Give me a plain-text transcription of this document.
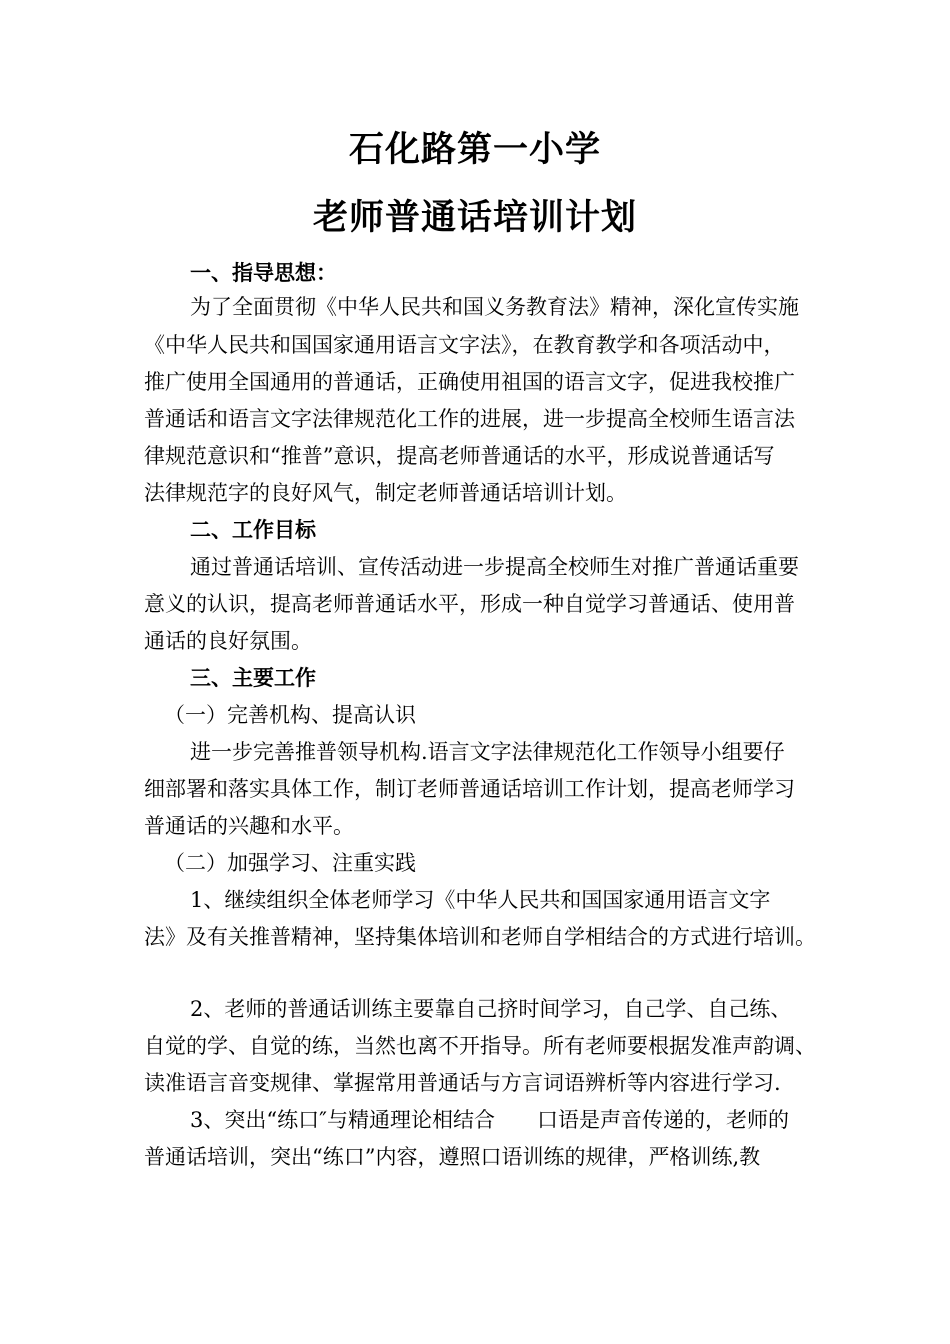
石化路第一小学
老师普通话培训计划
一、指导思想：
为了全面贯彻《中华人民共和国义务教育法》精神，深化宣传实施
《中华人民共和国国家通用语言文字法》，在教育教学和各项活动中，
推广使用全国通用的普通话，正确使用祖国的语言文字，促进我校推广
普通话和语言文字法律规范化工作的进展，进一步提高全校师生语言法
律规范意识和“推普”意识，提高老师普通话的水平，形成说普通话写
法律规范字的良好风气，制定老师普通话培训计划。
二、工作目标
通过普通话培训、宣传活动进一步提高全校师生对推广普通话重要
意义的认识，提高老师普通话水平，形成一种自觉学习普通话、使用普
通话的良好氛围。
三、主要工作
（一）完善机构、提高认识
进一步完善推普领导机构.语言文字法律规范化工作领导小组要仔
细部署和落实具体工作，制订老师普通话培训工作计划，提高老师学习
普通话的兴趣和水平。
（二）加强学习、注重实践
1、继续组织全体老师学习《中华人民共和国国家通用语言文字
法》及有关推普精神，坚持集体培训和老师自学相结合的方式进行培训。
2、老师的普通话训练主要靠自己挤时间学习，自己学、自己练、
自觉的学、自觉的练，当然也离不开指导。所有老师要根据发准声韵调、
读准语言音变规律、掌握常用普通话与方言词语辨析等内容进行学习.
3、突出“练口″与精通理论相结合　　口语是声音传递的，老师的
普通话培训，突出“练口”内容，遵照口语训练的规律，严格训练,教
